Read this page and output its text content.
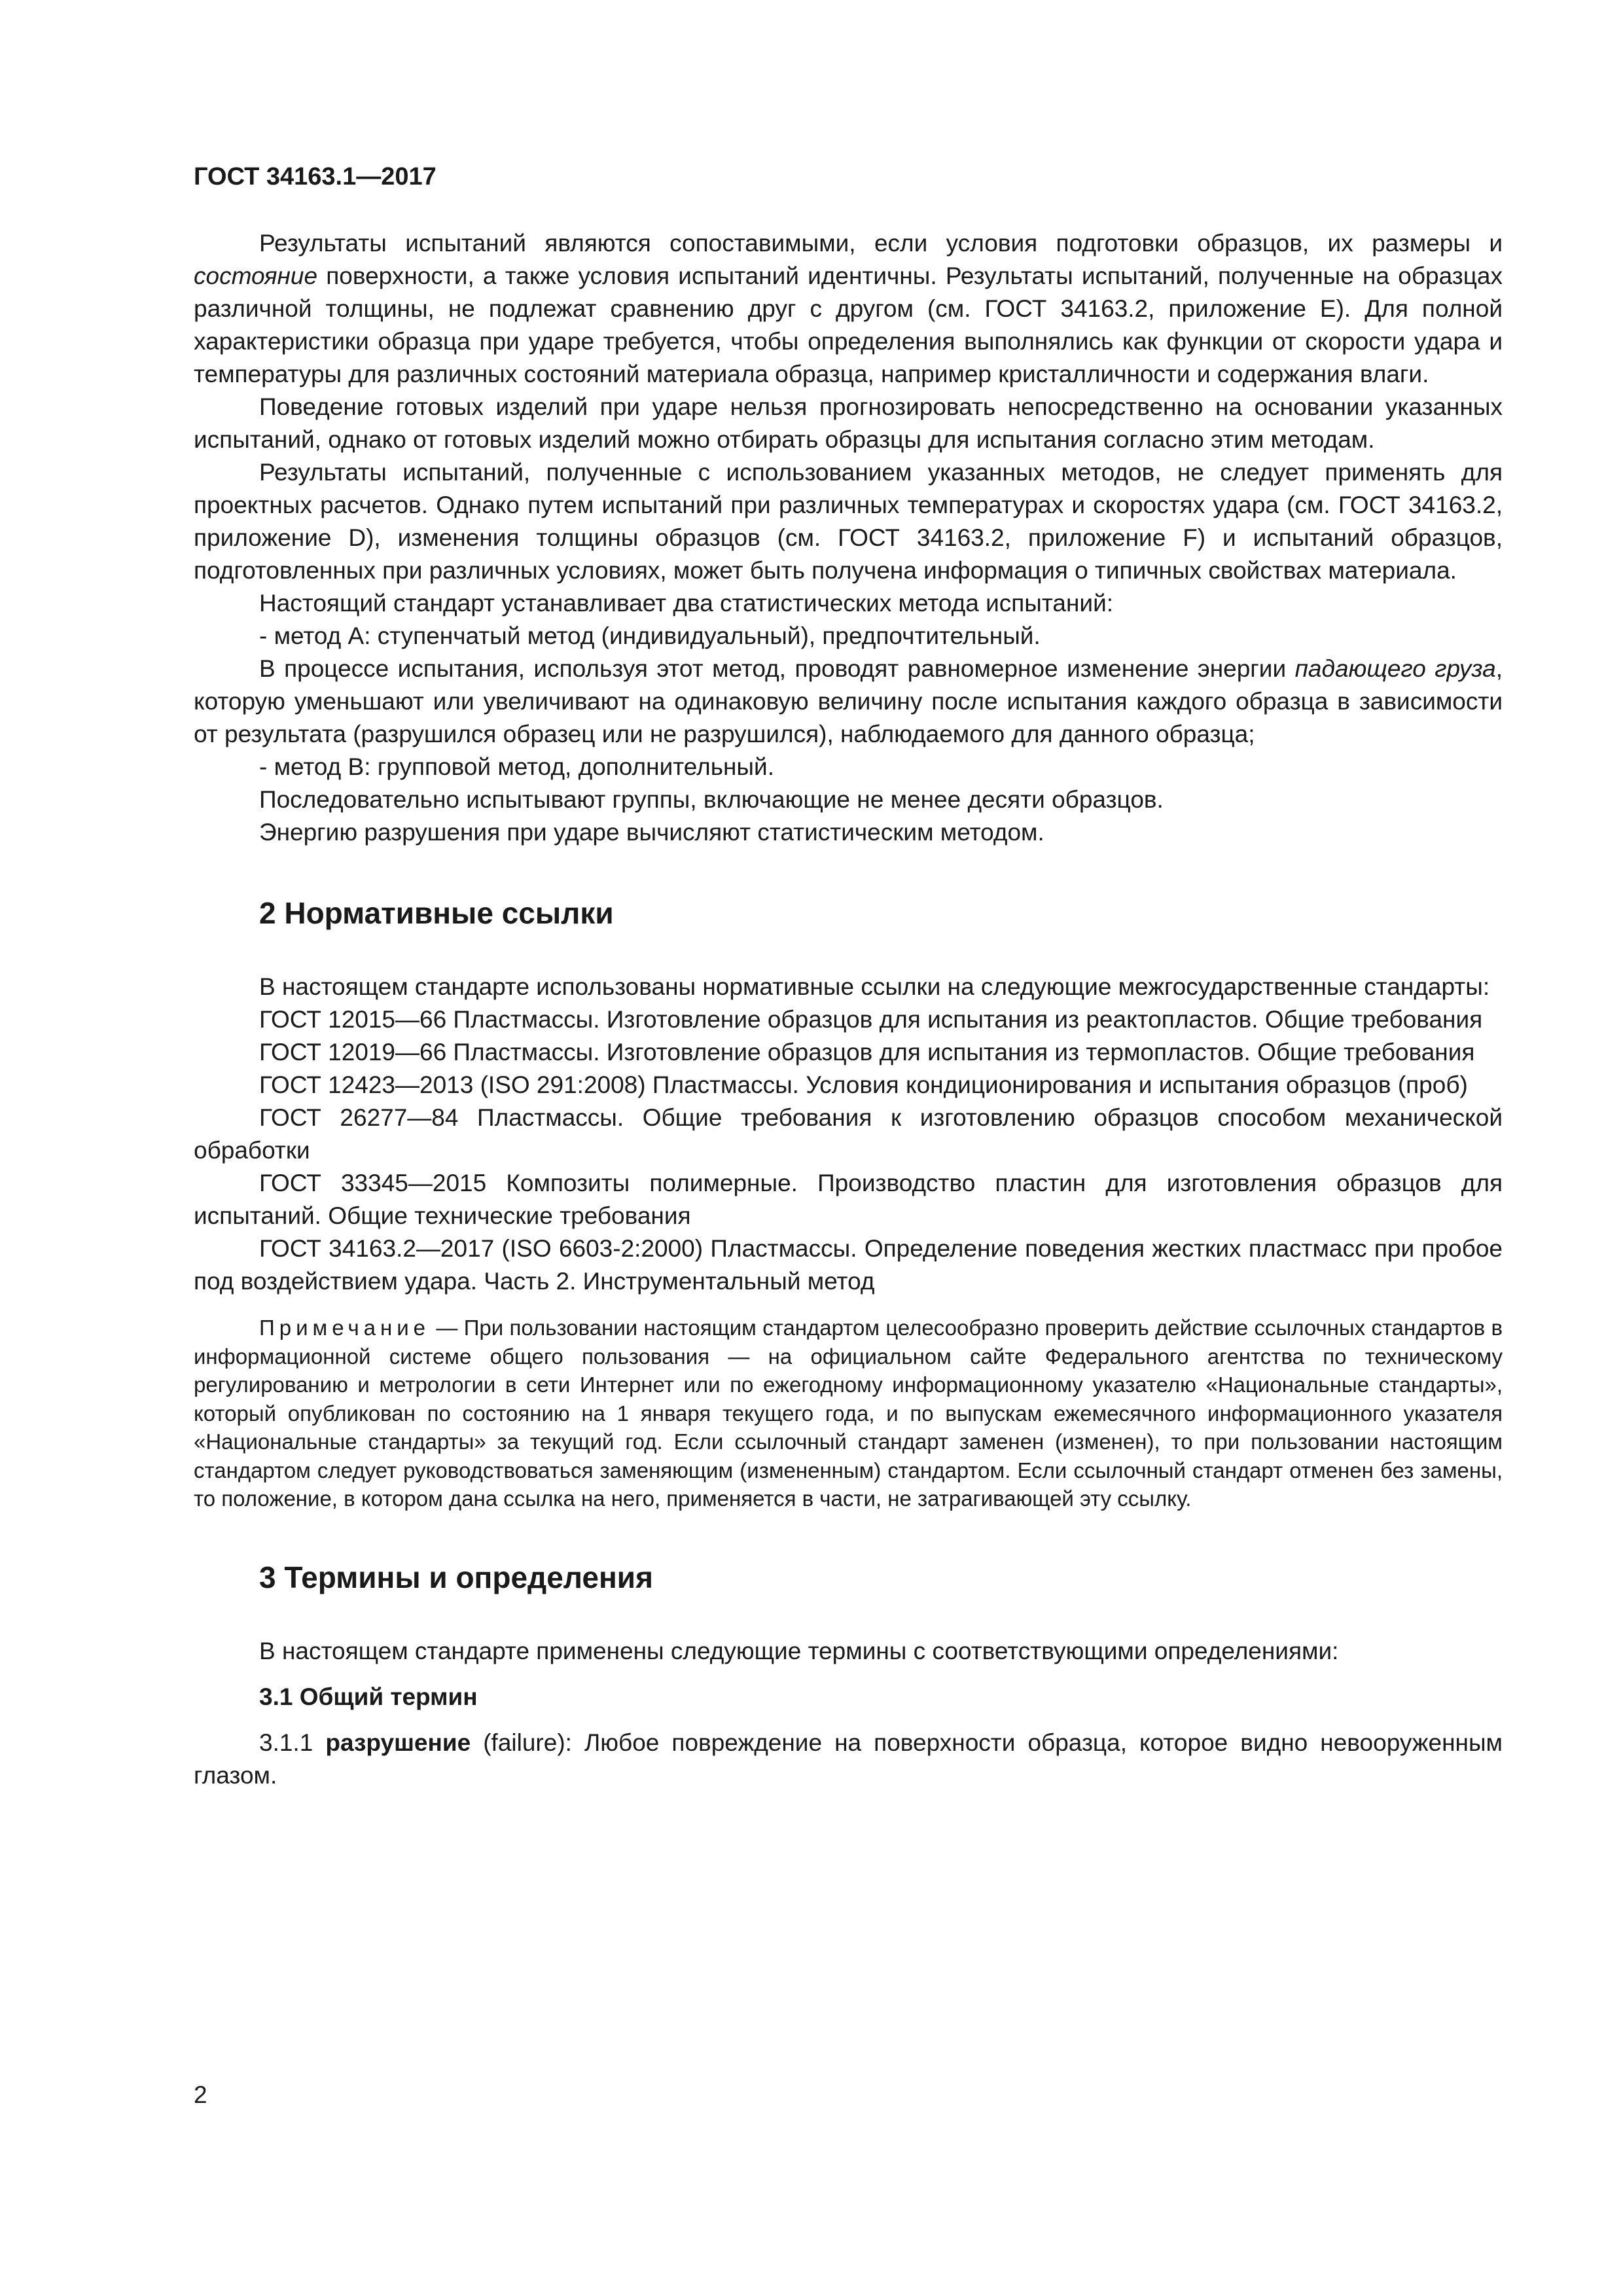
ГОСТ 34163.1—2017

Результаты испытаний являются сопоставимыми, если условия подготовки образцов, их размеры и состояние поверхности, а также условия испытаний идентичны. Результаты испытаний, полученные на образцах различной толщины, не подлежат сравнению друг с другом (см. ГОСТ 34163.2, приложение Е). Для полной характеристики образца при ударе требуется, чтобы определения выполнялись как функции от скорости удара и температуры для различных состояний материала образца, например кристалличности и содержания влаги.

Поведение готовых изделий при ударе нельзя прогнозировать непосредственно на основании указанных испытаний, однако от готовых изделий можно отбирать образцы для испытания согласно этим методам.

Результаты испытаний, полученные с использованием указанных методов, не следует применять для проектных расчетов. Однако путем испытаний при различных температурах и скоростях удара (см. ГОСТ 34163.2, приложение D), изменения толщины образцов (см. ГОСТ 34163.2, приложение F) и испытаний образцов, подготовленных при различных условиях, может быть получена информация о типичных свойствах материала.

Настоящий стандарт устанавливает два статистических метода испытаний:

- метод А: ступенчатый метод (индивидуальный), предпочтительный.

В процессе испытания, используя этот метод, проводят равномерное изменение энергии падающего груза, которую уменьшают или увеличивают на одинаковую величину после испытания каждого образца в зависимости от результата (разрушился образец или не разрушился), наблюдаемого для данного образца;

- метод В: групповой метод, дополнительный.

Последовательно испытывают группы, включающие не менее десяти образцов.

Энергию разрушения при ударе вычисляют статистическим методом.

2 Нормативные ссылки

В настоящем стандарте использованы нормативные ссылки на следующие межгосударственные стандарты:

ГОСТ 12015—66 Пластмассы. Изготовление образцов для испытания из реактопластов. Общие требования

ГОСТ 12019—66 Пластмассы. Изготовление образцов для испытания из термопластов. Общие требования

ГОСТ 12423—2013 (ISO 291:2008) Пластмассы. Условия кондиционирования и испытания образцов (проб)

ГОСТ 26277—84 Пластмассы. Общие требования к изготовлению образцов способом механической обработки

ГОСТ 33345—2015 Композиты полимерные. Производство пластин для изготовления образцов для испытаний. Общие технические требования

ГОСТ 34163.2—2017 (ISO 6603-2:2000) Пластмассы. Определение поведения жестких пластмасс при пробое под воздействием удара. Часть 2. Инструментальный метод

Примечание — При пользовании настоящим стандартом целесообразно проверить действие ссылочных стандартов в информационной системе общего пользования — на официальном сайте Федерального агентства по техническому регулированию и метрологии в сети Интернет или по ежегодному информационному указателю «Национальные стандарты», который опубликован по состоянию на 1 января текущего года, и по выпускам ежемесячного информационного указателя «Национальные стандарты» за текущий год. Если ссылочный стандарт заменен (изменен), то при пользовании настоящим стандартом следует руководствоваться заменяющим (измененным) стандартом. Если ссылочный стандарт отменен без замены, то положение, в котором дана ссылка на него, применяется в части, не затрагивающей эту ссылку.
3 Термины и определения

В настоящем стандарте применены следующие термины с соответствующими определениями:

3.1 Общий термин

3.1.1 разрушение (failure): Любое повреждение на поверхности образца, которое видно невооруженным глазом.

2
